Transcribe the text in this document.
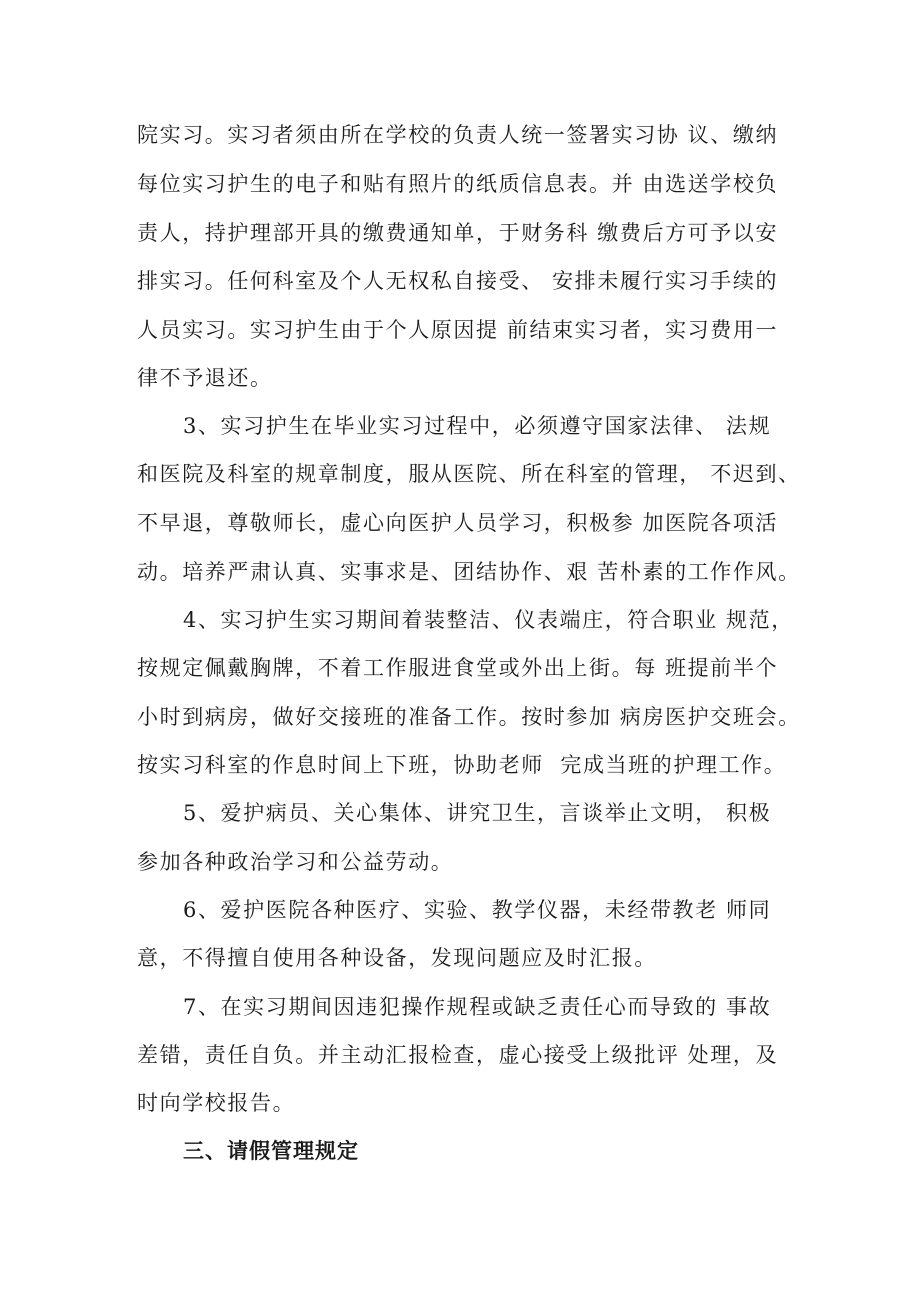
院实习。实习者须由所在学校的负责人统一签署实习协 议、缴纳
每位实习护生的电子和贴有照片的纸质信息表。并 由选送学校负
责人，持护理部开具的缴费通知单，于财务科 缴费后方可予以安
排实习。任何科室及个人无权私自接受、 安排未履行实习手续的
人员实习。实习护生由于个人原因提 前结束实习者，实习费用一
律不予退还。
3、实习护生在毕业实习过程中，必须遵守国家法律、 法规
和医院及科室的规章制度，服从医院、所在科室的管理， 不迟到、
不早退，尊敬师长，虚心向医护人员学习，积极参 加医院各项活
动。培养严肃认真、实事求是、团结协作、艰 苦朴素的工作作风。
4、实习护生实习期间着装整洁、仪表端庄，符合职业 规范，
按规定佩戴胸牌，不着工作服进食堂或外出上街。每 班提前半个
小时到病房，做好交接班的准备工作。按时参加 病房医护交班会。
按实习科室的作息时间上下班，协助老师  完成当班的护理工作。
5、爱护病员、关心集体、讲究卫生，言谈举止文明， 积极
参加各种政治学习和公益劳动。
6、爱护医院各种医疗、实验、教学仪器，未经带教老 师同
意，不得擅自使用各种设备，发现问题应及时汇报。
7、在实习期间因违犯操作规程或缺乏责任心而导致的 事故
差错，责任自负。并主动汇报检查，虚心接受上级批评 处理，及
时向学校报告。
三、请假管理规定
